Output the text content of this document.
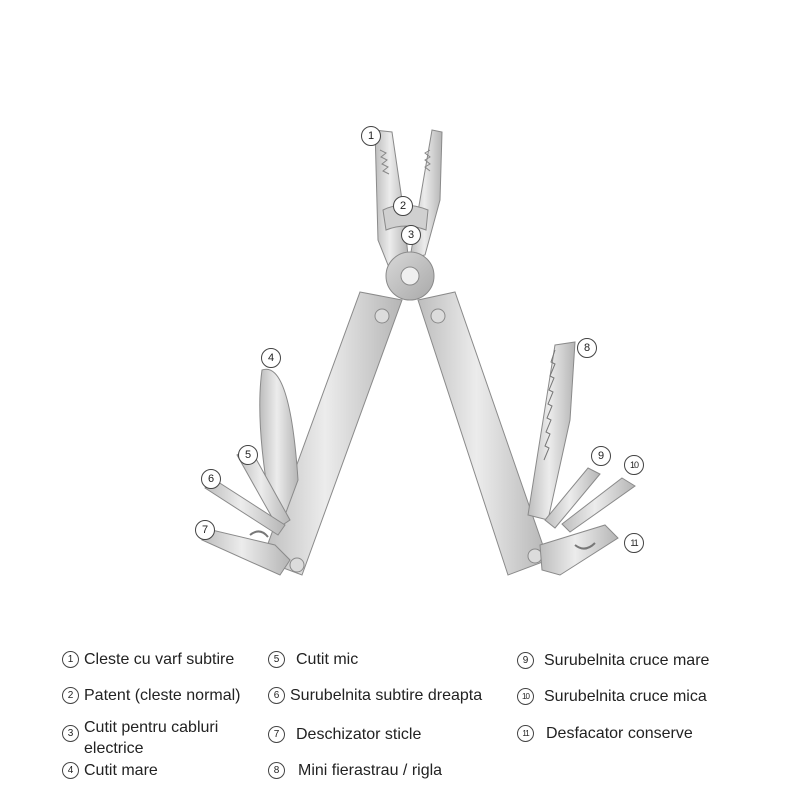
1
2
3
4
5
6
7
8
9
10
11
1 Cleste cu varf subtire
2 Patent (cleste normal)
3 Cutit pentru cabluri electrice
4 Cutit mare
5	Cutit mic
6 Surubelnita subtire dreapta
7	Deschizator sticle
8	Mini fierastrau / rigla
9 Surubelnita cruce mare
10 Surubelnita cruce mica
11	Desfacator conserve
